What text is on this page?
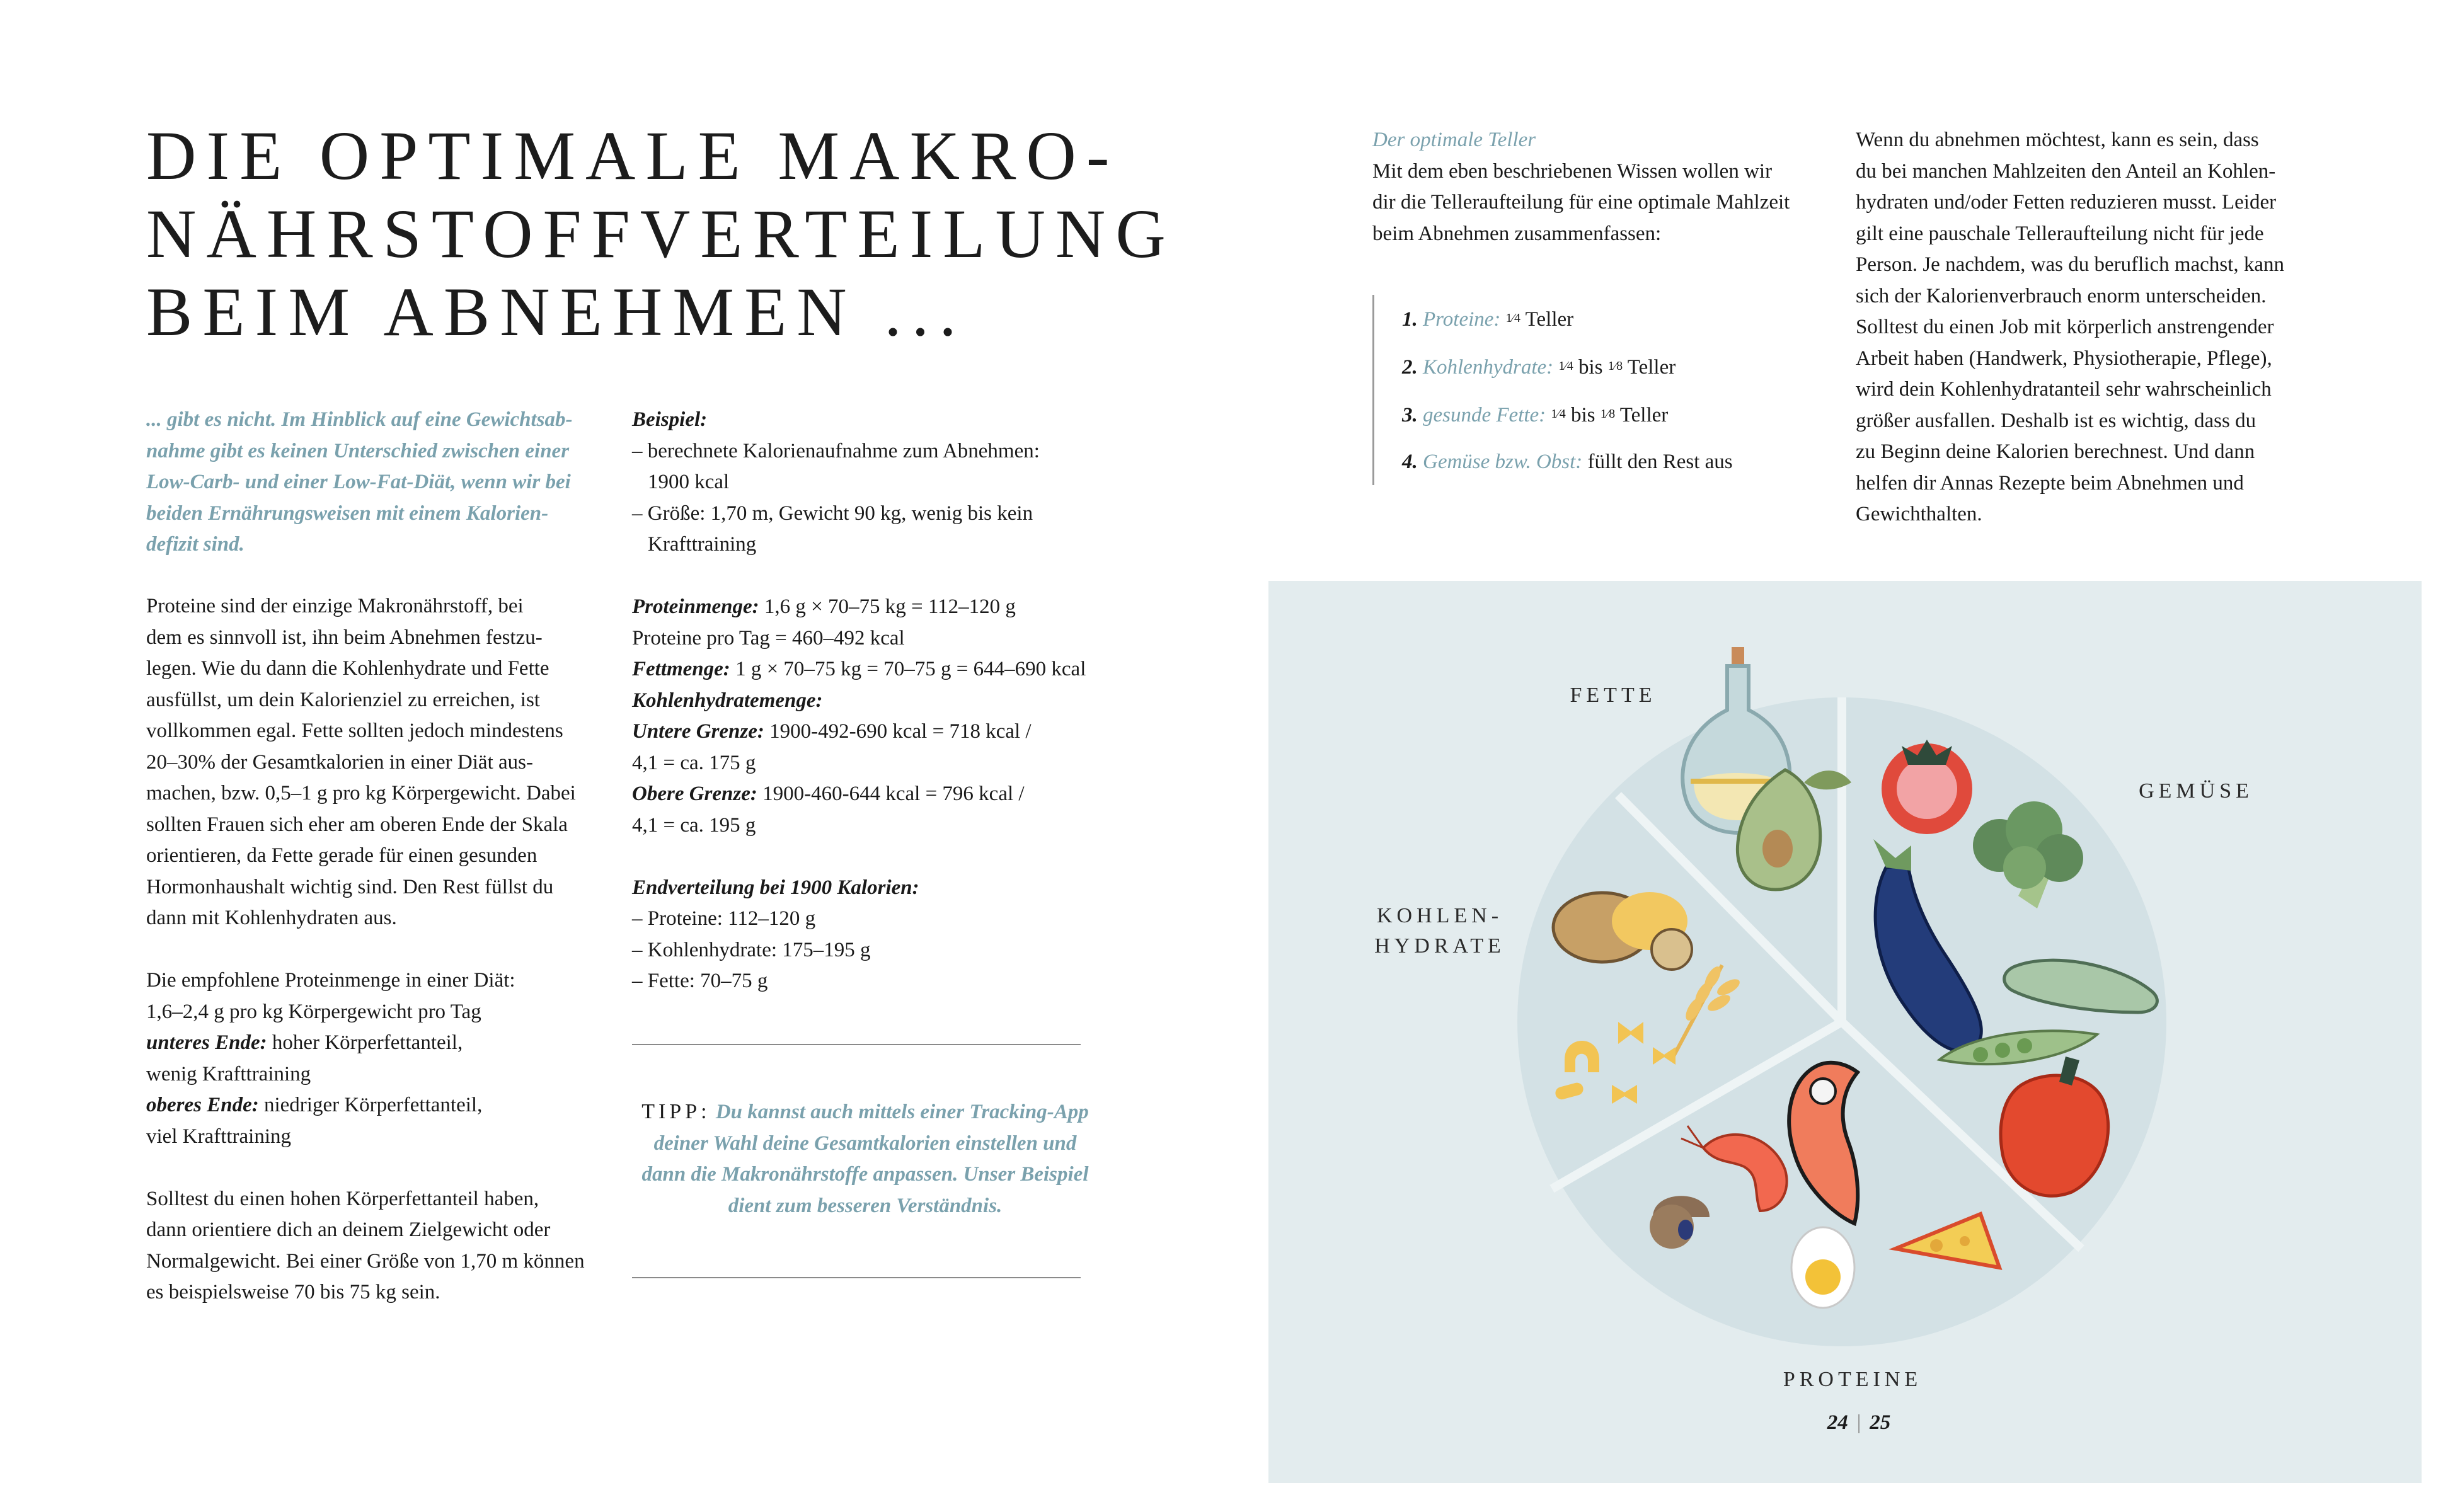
DIE OPTIMALE MAKRO-
NÄHRSTOFFVERTEILUNG
BEIM ABNEHMEN ...

... gibt es nicht. Im Hinblick auf eine Gewichtsab-

nahme gibt es keinen Unterschied zwischen einer

Low-Carb- und einer Low-Fat-Diät, wenn wir bei

beiden Ernährungsweisen mit einem Kalorien-

defizit sind.

Proteine sind der einzige Makronährstoff, bei
dem es sinnvoll ist, ihn beim Abnehmen festzu-
legen. Wie du dann die Kohlenhydrate und Fette
ausfüllst, um dein Kalorienziel zu erreichen, ist
vollkommen egal. Fette sollten jedoch mindestens
20–30% der Gesamtkalorien in einer Diät aus-
machen, bzw. 0,5–1 g pro kg Körpergewicht. Dabei
sollten Frauen sich eher am oberen Ende der Skala
orientieren, da Fette gerade für einen gesunden
Hormonhaushalt wichtig sind. Den Rest füllst du
dann mit Kohlenhydraten aus.
Die empfohlene Proteinmenge in einer Diät:
1,6–2,4 g pro kg Körpergewicht pro Tag
unteres Ende: hoher Körperfettanteil,
wenig Krafttraining
oberes Ende: niedriger Körperfettanteil,
viel Krafttraining
Solltest du einen hohen Körperfettanteil haben,
dann orientiere dich an deinem Zielgewicht oder
Normalgewicht. Bei einer Größe von 1,70 m können
es beispielsweise 70 bis 75 kg sein.
Beispiel:
– berechnete Kalorienaufnahme zum Abnehmen:
1900 kcal
– Größe: 1,70 m, Gewicht 90 kg, wenig bis kein
Krafttraining
Proteinmenge: 1,6 g × 70–75 kg = 112–120 g
Proteine pro Tag = 460–492 kcal
Fettmenge: 1 g × 70–75 kg = 70–75 g = 644–690 kcal
Kohlenhydratemenge:
Untere Grenze: 1900-492-690 kcal = 718 kcal /
4,1 = ca. 175 g
Obere Grenze: 1900-460-644 kcal = 796 kcal /
4,1 = ca. 195 g
Endverteilung bei 1900 Kalorien:
– Proteine: 112–120 g
– Kohlenhydrate: 175–195 g
– Fette: 70–75 g
TIPP: Du kannst auch mittels einer Tracking-App deiner Wahl deine Gesamtkalorien einstellen und dann die Makronährstoffe anpassen. Unser Beispiel dient zum besseren Verständnis.
Der optimale Teller
Mit dem eben beschriebenen Wissen wollen wir
dir die Telleraufteilung für eine optimale Mahlzeit
beim Abnehmen zusammenfassen:
1. Proteine: 1⁄4 Teller
2. Kohlenhydrate: 1⁄4 bis 1⁄8 Teller
3. gesunde Fette: 1⁄4 bis 1⁄8 Teller
4. Gemüse bzw. Obst: füllt den Rest aus
Wenn du abnehmen möchtest, kann es sein, dass
du bei manchen Mahlzeiten den Anteil an Kohlen-
hydraten und/oder Fetten reduzieren musst. Leider
gilt eine pauschale Telleraufteilung nicht für jede
Person. Je nachdem, was du beruflich machst, kann
sich der Kalorienverbrauch enorm unterscheiden.
Solltest du einen Job mit körperlich anstrengender
Arbeit haben (Handwerk, Physiotherapie, Pflege),
wird dein Kohlenhydratanteil sehr wahrscheinlich
größer ausfallen. Deshalb ist es wichtig, dass du
zu Beginn deine Kalorien berechnest. Und dann
helfen dir Annas Rezepte beim Abnehmen und
Gewichthalten.
FETTE
GEMÜSE
KOHLEN-
HYDRATE
PROTEINE
24 | 25
